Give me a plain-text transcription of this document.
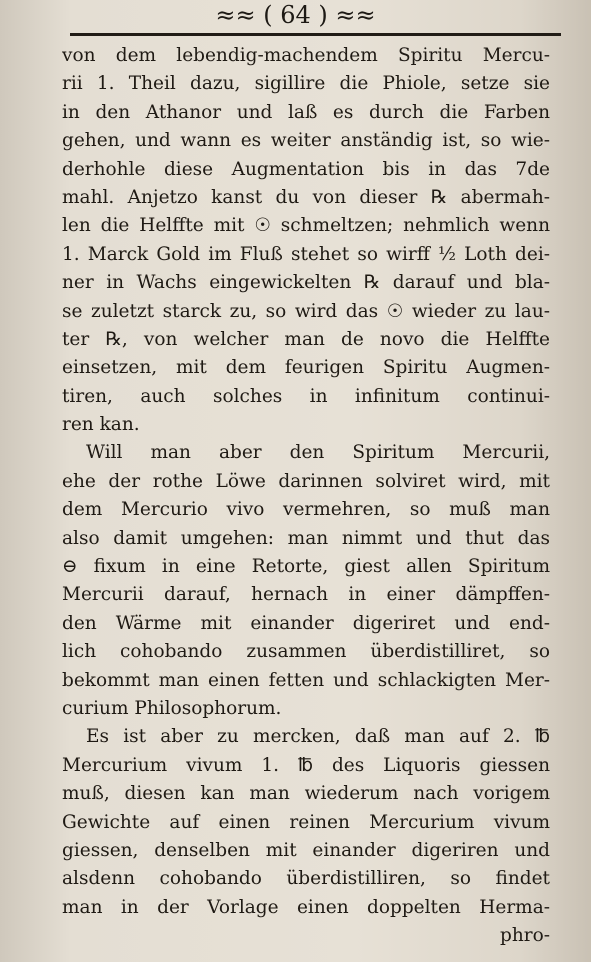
≈≈ ( 64 ) ≈≈
von dem lebendig-machendem Spiritu Mercu-
rii 1. Theil dazu, sigillire die Phiole, setze sie
in den Athanor und laß es durch die Farben
gehen, und wann es weiter anständig ist, so wie-
derhohle diese Augmentation bis in das 7de
mahl. Anjetzo kanst du von dieser ℞ abermah-
len die Helffte mit ☉ schmeltzen; nehmlich wenn
1. Marck Gold im Fluß stehet so wirff ½ Loth dei-
ner in Wachs eingewickelten ℞ darauf und bla-
se zuletzt starck zu, so wird das ☉ wieder zu lau-
ter ℞, von welcher man de novo die Helffte
einsetzen, mit dem feurigen Spiritu Augmen-
tiren, auch solches in infinitum continui-
ren kan.
Will man aber den Spiritum Mercurii,
ehe der rothe Löwe darinnen solviret wird, mit
dem Mercurio vivo vermehren, so muß man
also damit umgehen: man nimmt und thut das
⊖ fixum in eine Retorte, giest allen Spiritum
Mercurii darauf, hernach in einer dämpffen-
den Wärme mit einander digeriret und end-
lich cohobando zusammen überdistilliret, so
bekommt man einen fetten und schlackigten Mer-
curium Philosophorum.
Es ist aber zu mercken, daß man auf 2. ℔
Mercurium vivum 1. ℔ des Liquoris giessen
muß, diesen kan man wiederum nach vorigem
Gewichte auf einen reinen Mercurium vivum
giessen, denselben mit einander digeriren und
alsdenn cohobando überdistilliren, so findet
man in der Vorlage einen doppelten Herma-
phro-
